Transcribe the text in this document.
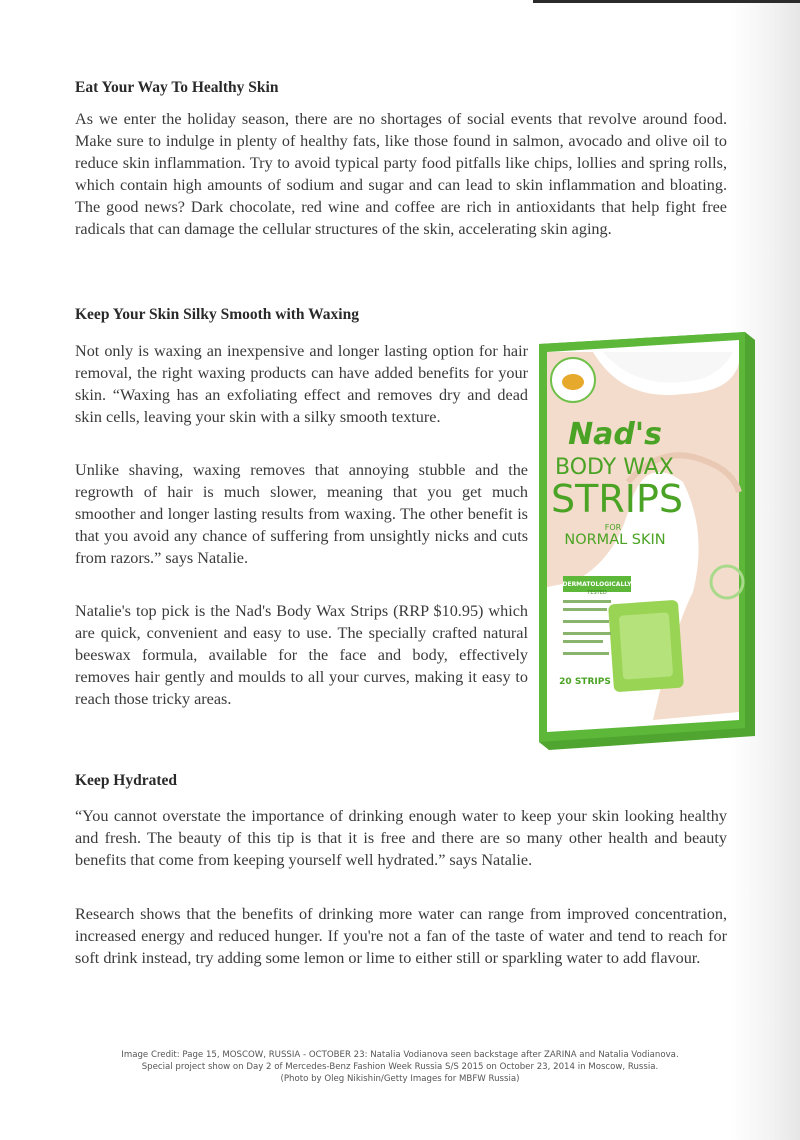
Eat Your Way To Healthy Skin

As we enter the holiday season, there are no shortages of social events that revolve around food. Make sure to indulge in plenty of healthy fats, like those found in salmon, avocado and olive oil to reduce skin inflammation. Try to avoid typical party food pitfalls like chips, lollies and spring rolls, which contain high amounts of sodium and sugar and can lead to skin inflammation and bloating. The good news? Dark chocolate, red wine and coffee are rich in antioxidants that help fight free radicals that can damage the cellular structures of the skin, accelerating skin aging.

Keep Your Skin Silky Smooth with Waxing

Not only is waxing an inexpensive and longer lasting option for hair removal, the right waxing products can have added benefits for your skin. “Waxing has an exfoliating effect and removes dry and dead skin cells, leaving your skin with a silky smooth texture.

Unlike shaving, waxing removes that annoying stubble and the regrowth of hair is much slower, meaning that you get much smoother and longer lasting results from waxing. The other benefit is that you avoid any chance of suffering from unsightly nicks and cuts from razors.” says Natalie.

Natalie's top pick is the Nad's Body Wax Strips (RRP $10.95) which are quick, convenient and easy to use. The specially crafted natural beeswax formula, available for the face and body, effectively removes hair gently and moulds to all your curves, making it easy to reach those tricky areas.

Keep Hydrated

“You cannot overstate the importance of drinking enough water to keep your skin looking healthy and fresh. The beauty of this tip is that it is free and there are so many other health and beauty benefits that come from keeping yourself well hydrated.” says Natalie.

Research shows that the benefits of drinking more water can range from improved concentration, increased energy and reduced hunger. If you're not a fan of the taste of water and tend to reach for soft drink instead, try adding some lemon or lime to either still or sparkling water to add flavour.

Nad's
BODY WAX
STRIPS
FOR
NORMAL SKIN
DERMATOLOGICALLY
TESTED
20 STRIPS
Image Credit: Page 15, MOSCOW, RUSSIA - OCTOBER 23: Natalia Vodianova seen backstage after ZARINA and Natalia Vodianova.
Special project show on Day 2 of Mercedes-Benz Fashion Week Russia S/S 2015 on October 23, 2014 in Moscow, Russia.
(Photo by Oleg Nikishin/Getty Images for MBFW Russia)
